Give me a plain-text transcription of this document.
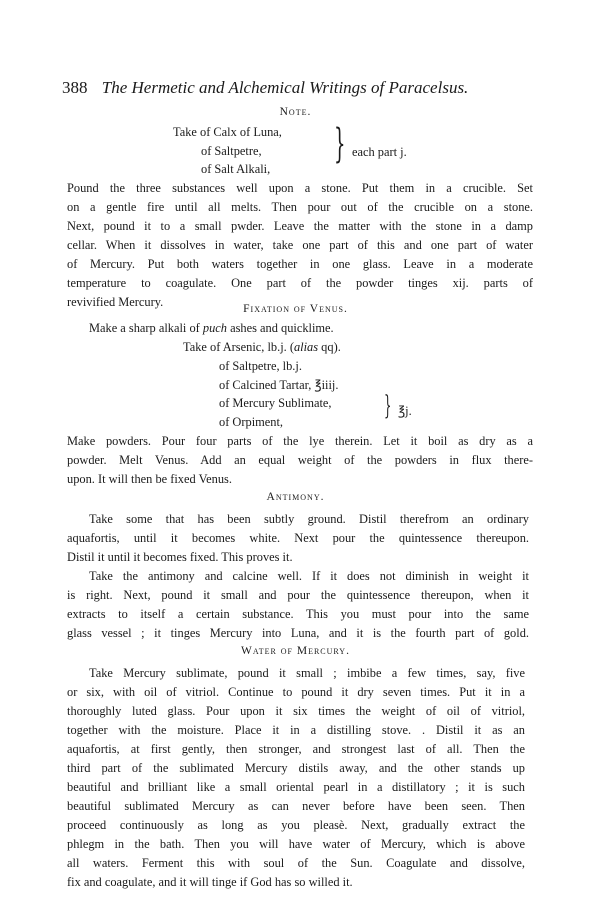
388 The Hermetic and Alchemical Writings of Paracelsus.
Note.
Take of Calx of Luna,
of Saltpetre,
of Salt Alkali,
} each part j.
Pound the three substances well upon a stone. Put them in a crucible. Set
on a gentle fire until all melts. Then pour out of the crucible on a stone.
Next, pound it to a small pwder. Leave the matter with the stone in a damp
cellar. When it dissolves in water, take one part of this and one part of water
of Mercury. Put both waters together in one glass. Leave in a moderate
temperature to coagulate. One part of the powder tinges xij. parts of
revivified Mercury.	Fixation of Venus.
Make a sharp alkali of puch ashes and quicklime.
Take of Arsenic, lb.j. (alias qq).
of Saltpetre, lb.j.
of Calcined Tartar, ℥iiij.
of Mercury Sublimate,
of Orpiment,
} ℥j.
Make powders. Pour four parts of the lye therein. Let it boil as dry as a
powder. Melt Venus. Add an equal weight of the powders in flux there-
upon. It will then be fixed Venus.
Antimony.
Take some that has been subtly ground. Distil therefrom an ordinary
aquafortis, until it becomes white. Next pour the quintessence thereupon.
Distil it until it becomes fixed. This proves it.
Take the antimony and calcine well. If it does not diminish in weight it
is right. Next, pound it small and pour the quintessence thereupon, when it
extracts to itself a certain substance. This you must pour into the same
glass vessel ; it tinges Mercury into Luna, and it is the fourth part of gold.
Water of Mercury.
Take Mercury sublimate, pound it small ; imbibe a few times, say, five
or six, with oil of vitriol. Continue to pound it dry seven times. Put it in a
thoroughly luted glass. Pour upon it six times the weight of oil of vitriol,
together with the moisture. Place it in a distilling stove. . Distil it as an
aquafortis, at first gently, then stronger, and strongest last of all. Then the
third part of the sublimated Mercury distils away, and the other stands up
beautiful and brilliant like a small oriental pearl in a distillatory ; it is such
beautiful sublimated Mercury as can never before have been seen. Then
proceed continuously as long as you pleasè. Next, gradually extract the
phlegm in the bath. Then you will have water of Mercury, which is above
all waters. Ferment this with soul of the Sun. Coagulate and dissolve,
fix and coagulate, and it will tinge if God has so willed it.
